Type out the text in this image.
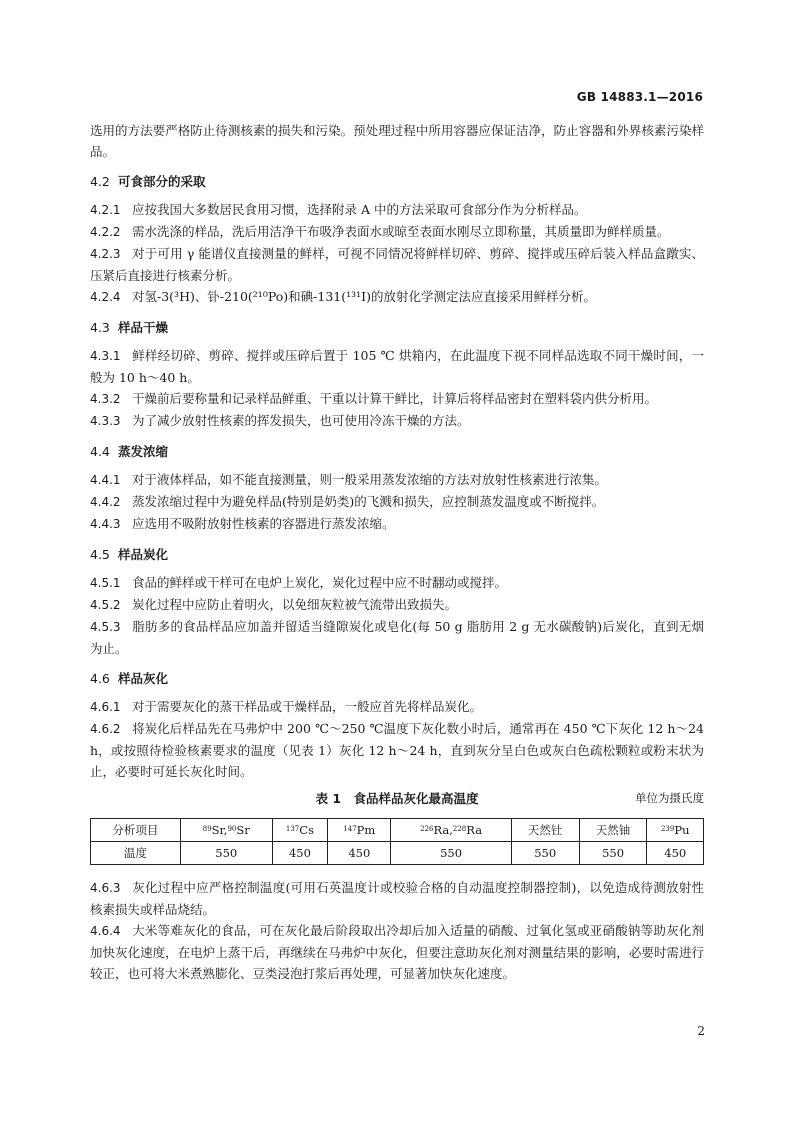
GB 14883.1—2016

选用的方法要严格防止待测核素的损失和污染。预处理过程中所用容器应保证洁净，防止容器和外界核素污染样品。

4.2 可食部分的采取

4.2.1 应按我国大多数居民食用习惯，选择附录 A 中的方法采取可食部分作为分析样品。

4.2.2 需水洗涤的样品，洗后用洁净干布吸净表面水或晾至表面水刚尽立即称量，其质量即为鲜样质量。

4.2.3 对于可用 γ 能谱仪直接测量的鲜样，可视不同情况将鲜样切碎、剪碎、搅拌或压碎后装入样品盒蹾实、压紧后直接进行核素分析。

4.2.4 对氢-3(³H)、钋-210(²¹⁰Po)和碘-131(¹³¹I)的放射化学测定法应直接采用鲜样分析。

4.3 样品干燥

4.3.1 鲜样经切碎、剪碎、搅拌或压碎后置于 105 ℃ 烘箱内，在此温度下视不同样品选取不同干燥时间，一般为 10 h～40 h。

4.3.2 干燥前后要称量和记录样品鲜重、干重以计算干鲜比，计算后将样品密封在塑料袋内供分析用。

4.3.3 为了减少放射性核素的挥发损失，也可使用冷冻干燥的方法。

4.4 蒸发浓缩

4.4.1 对于液体样品，如不能直接测量，则一般采用蒸发浓缩的方法对放射性核素进行浓集。

4.4.2 蒸发浓缩过程中为避免样品(特别是奶类)的飞溅和损失，应控制蒸发温度或不断搅拌。

4.4.3 应选用不吸附放射性核素的容器进行蒸发浓缩。

4.5 样品炭化

4.5.1 食品的鲜样或干样可在电炉上炭化，炭化过程中应不时翻动或搅拌。

4.5.2 炭化过程中应防止着明火，以免细灰粒被气流带出致损失。

4.5.3 脂肪多的食品样品应加盖并留适当缝隙炭化或皂化(每 50 g 脂肪用 2 g 无水碳酸钠)后炭化，直到无烟为止。

4.6 样品灰化

4.6.1 对于需要灰化的蒸干样品或干燥样品，一般应首先将样品炭化。

4.6.2 将炭化后样品先在马弗炉中 200 ℃～250 ℃温度下灰化数小时后，通常再在 450 ℃下灰化 12 h～24 h，或按照待检验核素要求的温度（见表 1）灰化 12 h～24 h，直到灰分呈白色或灰白色疏松颗粒或粉末状为止，必要时可延长灰化时间。

表 1　食品样品灰化最高温度	单位为摄氏度
分析项目	$^{89}$Sr,$^{90}$Sr	$^{137}$Cs	$^{147}$Pm	$^{226}$Ra,$^{228}$Ra	天然钍	天然铀	$^{239}$Pu
温度	550	450	450	550	550	550	450

4.6.3 灰化过程中应严格控制温度(可用石英温度计或校验合格的自动温度控制器控制)，以免造成待测放射性核素损失或样品烧结。

4.6.4 大米等难灰化的食品，可在灰化最后阶段取出冷却后加入适量的硝酸、过氧化氢或亚硝酸钠等助灰化剂加快灰化速度，在电炉上蒸干后，再继续在马弗炉中灰化，但要注意助灰化剂对测量结果的影响，必要时需进行较正，也可将大米煮熟膨化、豆类浸泡打浆后再处理，可显著加快灰化速度。

2
